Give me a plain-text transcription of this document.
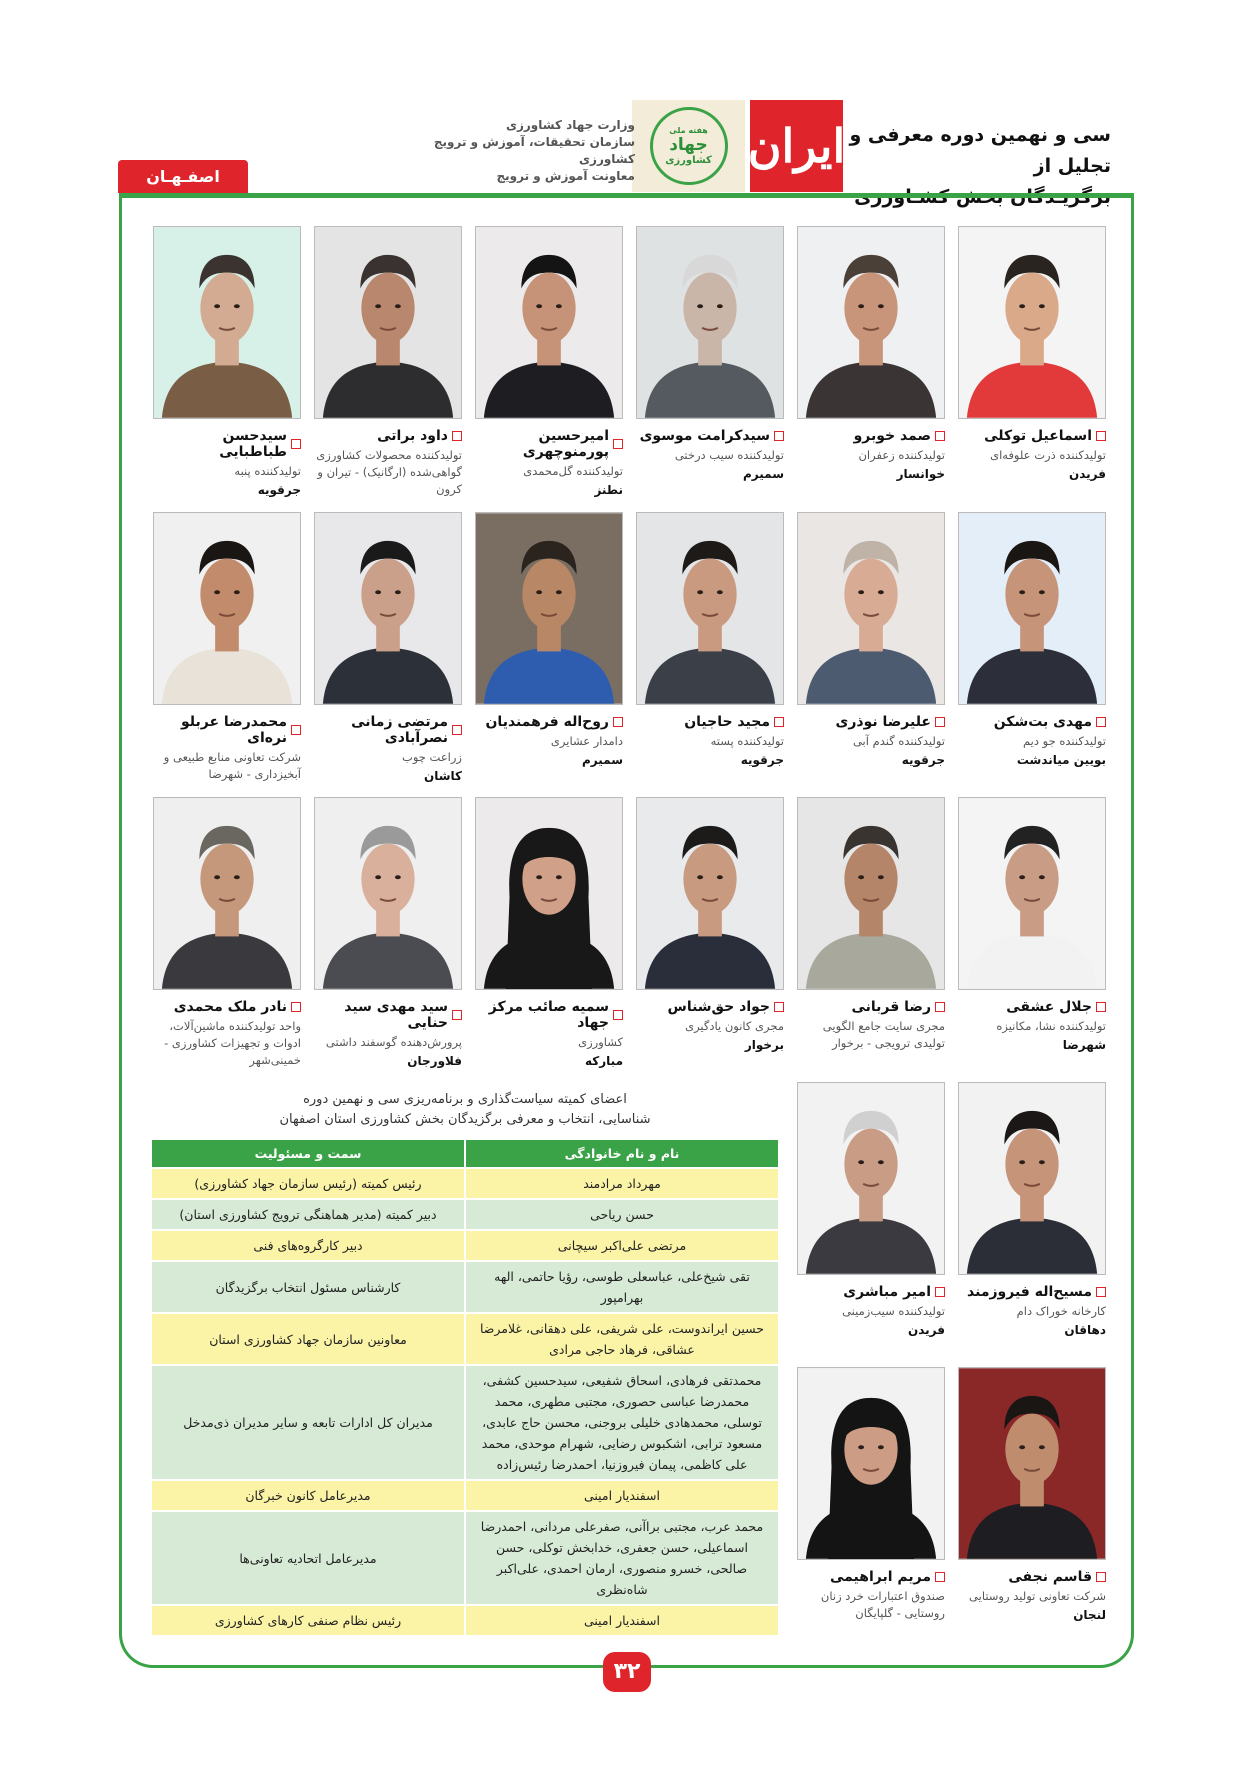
سی و نهمین دوره معرفی و تجلیل از
برگزیـدگان بخش کشـاورزی
ایران
هفته ملی
جهاد
کشاورزی
وزارت جهاد کشاورزی
سازمان تحقیقات، آموزش و ترویج کشاورزی
معاونت آموزش و ترویج
اصفـهـان
اسماعیل توکلی
تولیدکننده ذرت علوفه‌ای
فریدن
صمد خوبرو
تولیدکننده زعفران
خوانسار
سیدکرامت موسوی
تولیدکننده سیب درختی
سمیرم
امیرحسین پورمنوچهری
تولیدکننده گل‌محمدی
نطنز
داود براتی
تولیدکننده محصولات کشاورزی گواهی‌شده (ارگانیک) - تیران و کرون
سیدحسن طباطبایی
تولیدکننده پنبه
جرقویه
مهدی بت‌شکن
تولیدکننده جو دیم
بویین میاندشت
علیرضا نوذری
تولیدکننده گندم آبی
جرقویه
مجید حاجیان
تولیدکننده پسته
جرقویه
روح‌اله فرهمندیان
دامدار عشایری
سمیرم
مرتضی زمانی نصرآبادی
زراعت چوب
کاشان
محمدرضا عربلو نره‌ای
شرکت تعاونی منابع طبیعی و آبخیزداری - شهرضا
جلال عشقی
تولیدکننده نشا، مکانیزه
شهرضا
رضا قربانی
مجری سایت جامع الگویی تولیدی ترویجی - برخوار
جواد حق‌شناس
مجری کانون یادگیری
برخوار
سمیه صائب مرکز جهاد
کشاورزی
مبارکه
سید مهدی سید حنایی
پرورش‌دهنده گوسفند داشتی
فلاورجان
نادر ملک محمدی
واحد تولیدکننده ماشین‌آلات، ادوات و تجهیزات کشاورزی - خمینی‌شهر
مسیح‌اله فیروزمند
کارخانه خوراک دام
دهاقان
امیر مباشری
تولیدکننده سیب‌زمینی
فریدن
قاسم نجفی
شرکت تعاونی تولید روستایی
لنجان
مریم ابراهیمی
صندوق اعتبارات خرد زنان روستایی - گلپایگان
اعضای کمیته سیاست‌گذاری و برنامه‌ریزی سی و نهمین دوره
شناسایی، انتخاب و معرفی برگزیدگان بخش کشاورزی استان اصفهان
نام و نام خانوادگی	سمت و مسئولیت
مهرداد مرادمند	رئیس کمیته (رئیس سازمان جهاد کشاورزی)
حسن ریاحی	دبیر کمیته (مدیر هماهنگی ترویج کشاورزی استان)
مرتضی علی‌اکبر سیچانی	دبیر کارگروه‌های فنی
تقی شیخ‌علی، عباسعلی طوسی، رؤیا حاتمی، الهه بهرامپور	کارشناس مسئول انتخاب برگزیدگان
حسین ایراندوست، علی شریفی، علی دهقانی، غلامرضا عشاقی، فرهاد حاجی مرادی	معاونین سازمان جهاد کشاورزی استان
محمدتقی فرهادی، اسحاق شفیعی، سیدحسین کشفی، محمدرضا عباسی حصوری، مجتبی مطهری، محمد توسلی، محمدهادی خلیلی بروجنی، محسن حاج عابدی، مسعود ترابی، اشکبوس رضایی، شهرام موحدی، محمد علی کاظمی، پیمان فیروزنیا، احمدرضا رئیس‌زاده	مدیران کل ادارات تابعه و سایر مدیران ذی‌مدخل
اسفندیار امینی	مدیرعامل کانون خبرگان
محمد عرب، مجتبی براآنی، صفرعلی مردانی، احمدرضا اسماعیلی، حسن جعفری، خدابخش توکلی، حسن صالحی، خسرو منصوری، ارمان احمدی، علی‌اکبر شاه‌نظری	مدیرعامل اتحادیه تعاونی‌ها
اسفندیار امینی	رئیس نظام صنفی کارهای کشاورزی
۳۲
